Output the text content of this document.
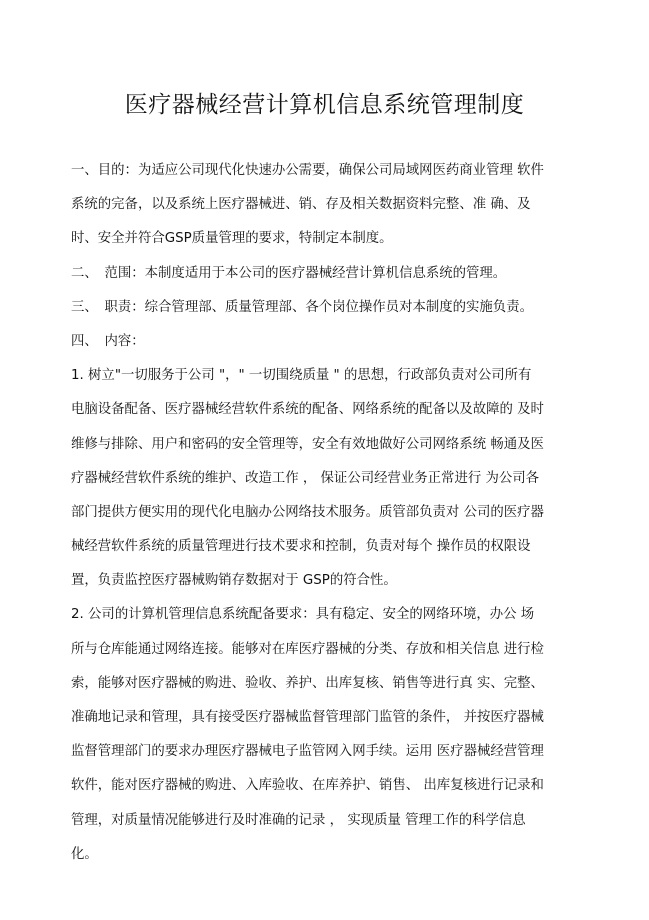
医疗器械经营计算机信息系统管理制度
一、目的：为适应公司现代化快速办公需要，确保公司局域网医药商业管理 软件
系统的完备，以及系统上医疗器械进、销、存及相关数据资料完整、准 确、及
时、安全并符合GSP质量管理的要求，特制定本制度。
二、　范围：本制度适用于本公司的医疗器械经营计算机信息系统的管理。
三、　职责：综合管理部、质量管理部、各个岗位操作员对本制度的实施负责。
四、　内容：
1. 树立"一切服务于公司 "，" 一切围绕质量 " 的思想，行政部负责对公司所有
电脑设备配备、医疗器械经营软件系统的配备、网络系统的配备以及故障的 及时
维修与排除、用户和密码的安全管理等，安全有效地做好公司网络系统 畅通及医
疗器械经营软件系统的维护、改造工作 ， 保证公司经营业务正常进行 为公司各
部门提供方便实用的现代化电脑办公网络技术服务。质管部负责对 公司的医疗器
械经营软件系统的质量管理进行技术要求和控制，负责对每个 操作员的权限设
置，负责监控医疗器械购销存数据对于 GSP的符合性。
2. 公司的计算机管理信息系统配备要求：具有稳定、安全的网络环境，办公 场
所与仓库能通过网络连接。能够对在库医疗器械的分类、存放和相关信息 进行检
索，能够对医疗器械的购进、验收、养护、出库复核、销售等进行真 实、完整、
准确地记录和管理，具有接受医疗器械监督管理部门监管的条件， 并按医疗器械
监督管理部门的要求办理医疗器械电子监管网入网手续。运用 医疗器械经营管理
软件，能对医疗器械的购进、入库验收、在库养护、销售、 出库复核进行记录和
管理，对质量情况能够进行及时准确的记录 ， 实现质量 管理工作的科学信息
化。
